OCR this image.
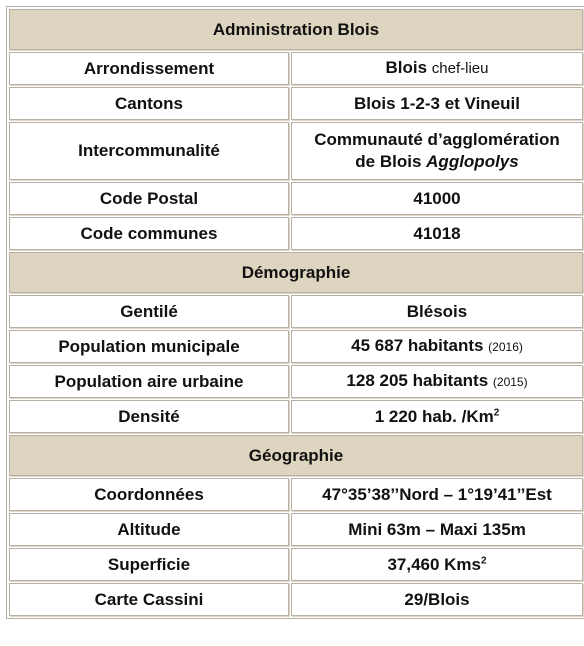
Administration Blois	
Arrondissement	Blois chef-lieu
Cantons	Blois 1-2-3 et Vineuil
Intercommunalité	Communauté d’agglomération
de Blois Agglopolys
Code Postal	41000
Code communes	41018
Démographie	
Gentilé	Blésois
Population municipale	45 687 habitants (2016)
Population aire urbaine	128 205 habitants (2015)
Densité	1 220 hab. /Km$^2$
Géographie	
Coordonnées	47°35’38’’Nord – 1°19’41’’Est
Altitude	Mini 63m – Maxi 135m
Superficie	37,460 Kms$^2$
Carte Cassini	29/Blois
